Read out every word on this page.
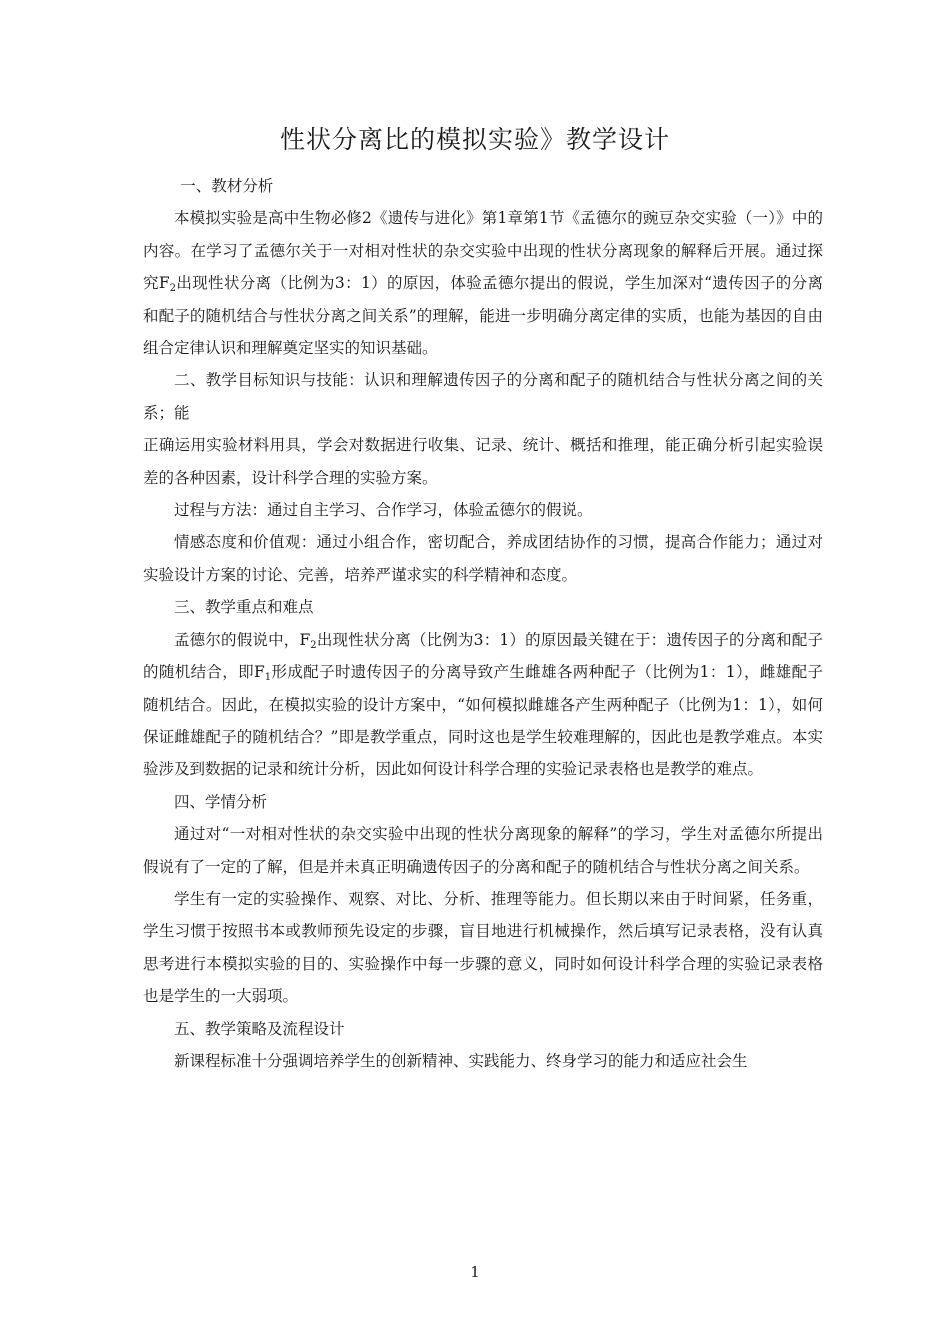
性状分离比的模拟实验》教学设计

一、教材分析

本模拟实验是高中生物必修2《遗传与进化》第1章第1节《孟德尔的豌豆杂交实验（一）》中的内容。在学习了孟德尔关于一对相对性状的杂交实验中出现的性状分离现象的解释后开展。通过探究$F_2$出现性状分离（比例为3：1）的原因，体验孟德尔提出的假说，学生加深对“遗传因子的分离和配子的随机结合与性状分离之间关系”的理解，能进一步明确分离定律的实质，也能为基因的自由组合定律认识和理解奠定坚实的知识基础。

二、教学目标知识与技能：认识和理解遗传因子的分离和配子的随机结合与性状分离之间的关系；能

正确运用实验材料用具，学会对数据进行收集、记录、统计、概括和推理，能正确分析引起实验误差的各种因素，设计科学合理的实验方案。

过程与方法：通过自主学习、合作学习，体验孟德尔的假说。

情感态度和价值观：通过小组合作，密切配合，养成团结协作的习惯，提高合作能力；通过对实验设计方案的讨论、完善，培养严谨求实的科学精神和态度。

三、教学重点和难点

孟德尔的假说中，$F_2$出现性状分离（比例为3：1）的原因最关键在于：遗传因子的分离和配子的随机结合，即$F_1$形成配子时遗传因子的分离导致产生雌雄各两种配子（比例为1：1），雌雄配子随机结合。因此，在模拟实验的设计方案中，“如何模拟雌雄各产生两种配子（比例为1：1），如何保证雌雄配子的随机结合？”即是教学重点，同时这也是学生较难理解的，因此也是教学难点。本实验涉及到数据的记录和统计分析，因此如何设计科学合理的实验记录表格也是教学的难点。

四、学情分析

通过对“一对相对性状的杂交实验中出现的性状分离现象的解释”的学习，学生对孟德尔所提出假说有了一定的了解，但是并未真正明确遗传因子的分离和配子的随机结合与性状分离之间关系。

学生有一定的实验操作、观察、对比、分析、推理等能力。但长期以来由于时间紧，任务重，学生习惯于按照书本或教师预先设定的步骤，盲目地进行机械操作，然后填写记录表格，没有认真思考进行本模拟实验的目的、实验操作中每一步骤的意义，同时如何设计科学合理的实验记录表格也是学生的一大弱项。

五、教学策略及流程设计

新课程标准十分强调培养学生的创新精神、实践能力、终身学习的能力和适应社会生

1
